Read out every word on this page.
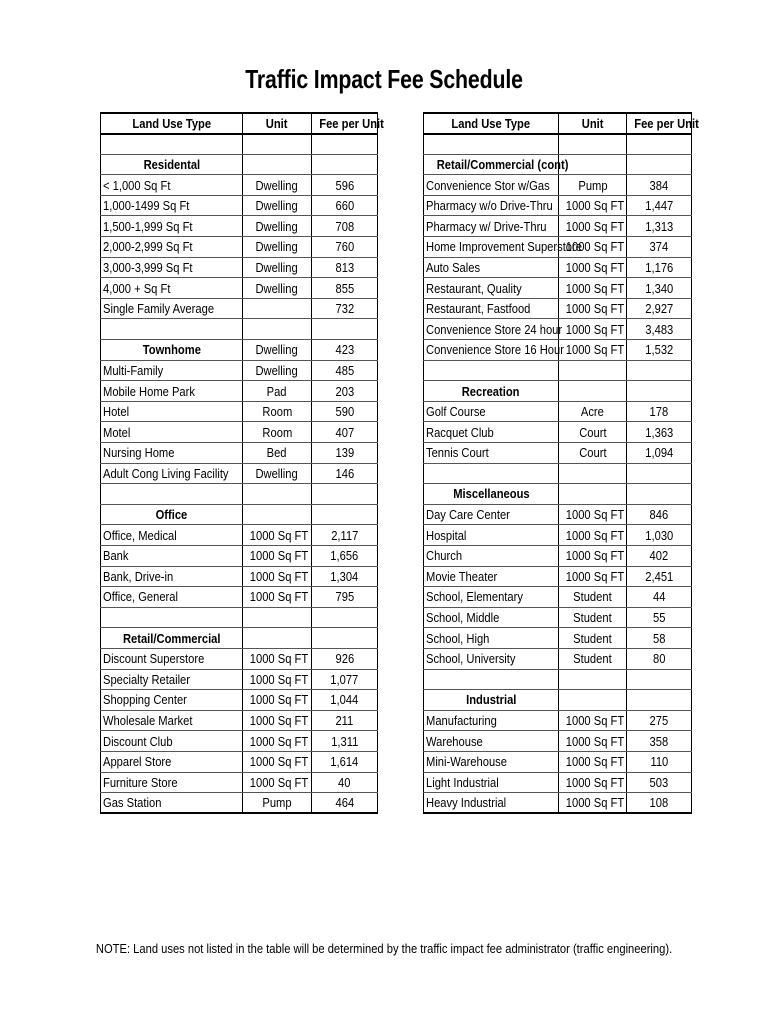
Traffic Impact Fee Schedule
Land Use Type	Unit	Fee per Unit

Residental		
< 1,000 Sq Ft	Dwelling	596
1,000-1499 Sq Ft	Dwelling	660
1,500-1,999 Sq Ft	Dwelling	708
2,000-2,999 Sq Ft	Dwelling	760
3,000-3,999 Sq Ft	Dwelling	813
4,000 + Sq Ft	Dwelling	855
Single Family Average		732

Townhome	Dwelling	423
Multi-Family	Dwelling	485
Mobile Home Park	Pad	203
Hotel	Room	590
Motel	Room	407
Nursing Home	Bed	139
Adult Cong Living Facility	Dwelling	146

Office		
Office, Medical	1000 Sq FT	2,117
Bank	1000 Sq FT	1,656
Bank, Drive-in	1000 Sq FT	1,304
Office, General	1000 Sq FT	795

Retail/Commercial		
Discount Superstore	1000 Sq FT	926
Specialty Retailer	1000 Sq FT	1,077
Shopping Center	1000 Sq FT	1,044
Wholesale Market	1000 Sq FT	211
Discount Club	1000 Sq FT	1,311
Apparel Store	1000 Sq FT	1,614
Furniture Store	1000 Sq FT	40
Gas Station	Pump	464
Land Use Type	Unit	Fee per Unit

Retail/Commercial (cont)		
Convenience Stor w/Gas	Pump	384
Pharmacy w/o Drive-Thru	1000 Sq FT	1,447
Pharmacy w/ Drive-Thru	1000 Sq FT	1,313
Home Improvement Superstore	1000 Sq FT	374
Auto Sales	1000 Sq FT	1,176
Restaurant, Quality	1000 Sq FT	1,340
Restaurant, Fastfood	1000 Sq FT	2,927
Convenience Store 24 hour	1000 Sq FT	3,483
Convenience Store 16 Hour	1000 Sq FT	1,532

Recreation		
Golf Course	Acre	178
Racquet Club	Court	1,363
Tennis Court	Court	1,094

Miscellaneous		
Day Care Center	1000 Sq FT	846
Hospital	1000 Sq FT	1,030
Church	1000 Sq FT	402
Movie Theater	1000 Sq FT	2,451
School, Elementary	Student	44
School, Middle	Student	55
School, High	Student	58
School, University	Student	80

Industrial		
Manufacturing	1000 Sq FT	275
Warehouse	1000 Sq FT	358
Mini-Warehouse	1000 Sq FT	110
Light Industrial	1000 Sq FT	503
Heavy Industrial	1000 Sq FT	108
NOTE: Land uses not listed in the table will be determined by the traffic impact fee administrator (traffic engineering).
